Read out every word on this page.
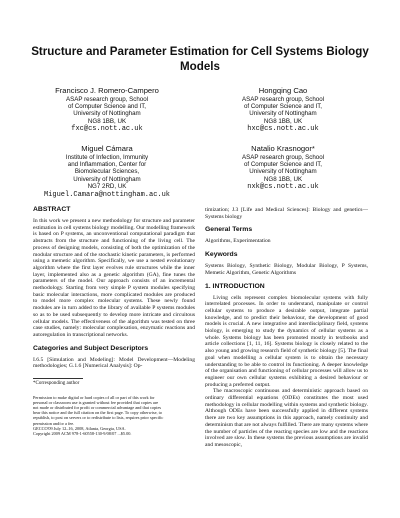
Structure and Parameter Estimation for Cell Systems Biology Models
Francisco J. Romero-Campero
ASAP research group, School
of Computer Science and IT,
University of Nottingham
NG8 1BB, UK
fxc@cs.nott.ac.uk
Hongqing Cao
ASAP research group, School
of Computer Science and IT,
University of Nottingham
NG8 1BB, UK
hxc@cs.nott.ac.uk
Miguel Cámara
Institute of Infection, Immunity
and Inflammation, Center for
Biomolecular Sciences,
University of Nottingham
NG7 2RD, UK
Miguel.Camara@nottingham.ac.uk
Natalio Krasnogor*
ASAP research group, School
of Computer Science and IT,
University of Nottingham
NG8 1BB, UK
nxk@cs.nott.ac.uk
ABSTRACT

In this work we present a new methodology for structure and parameter estimation in cell systems biology modelling. Our modelling framework is based on P systems, an unconventional computational paradigm that abstracts from the structure and functioning of the living cell. The process of designing models, consisting of both the optimization of the modular structure and of the stochastic kinetic parameters, is performed using a memetic algorithm. Specifically, we use a nested evolutionary algorithm where the first layer evolves rule structures while the inner layer, implemented also as a genetic algorithm (GA), fine tunes the parameters of the model. Our approach consists of an incremental methodology. Starting from very simple P system modules specifying basic molecular interactions, more complicated modules are produced to model more complex molecular systems. These newly found modules are in turn added to the library of available P systems modules so as to be used subsequently to develop more intricate and circuitous cellular models. The effectiveness of the algorithm was tested on three case studies, namely: molecular complexation, enzymatic reactions and autoregulation in transcriptional networks.

Categories and Subject Descriptors

I.6.5 [Simulation and Modeling]: Model Development—Modeling methodologies; G.1.6 [Numerical Analysis]: Op-

*Corresponding author

Permission to make digital or hard copies of all or part of this work for
personal or classroom use is granted without fee provided that copies are
not made or distributed for profit or commercial advantage and that copies
bear this notice and the full citation on the first page. To copy otherwise, to
republish, to post on servers or to redistribute to lists, requires prior specific
permission and/or a fee.
GECCO'09 July 12–16, 2008, Atlanta, Georgia, USA.
Copyright 2009 ACM 978-1-60558-130-9/08/07 ...$5.00.

timization; J.3 [Life and Medical Sciences]: Biology and genetics—Systems biology

General Terms

Algorithms, Experimentation

Keywords

Systems Biology, Synthetic Biology, Modular Biology, P Systems, Memetic Algorithm, Genetic Algorithms

1. INTRODUCTION

Living cells represent complex biomolecular systems with fully interrelated processes. In order to understand, manipulate or control cellular systems to produce a desirable output, integrate partial knowledge, and to predict their behaviour, the development of good models is crucial. A new integrative and interdisciplinary field, systems biology, is emerging to study the dynamics of cellular systems as a whole. Systems biology has been promoted mostly in textbooks and article collections [1, 11, 16]. Systems biology is closely related to the also young and growing research field of synthetic biology [5]. The final goal when modelling a cellular system is to obtain the necessary understanding to be able to control its functioning. A deeper knowledge of the organisation and functioning of cellular processes will allow us to engineer our own cellular systems exhibiting a desired behaviour or producing a preferred output.

The macroscopic continuous and deterministic approach based on ordinary differential equations (ODEs) constitutes the most used methodology in cellular modelling within systems and synthetic biology. Although ODEs have been successfully applied in different systems there are two key assumptions in this approach, namely continuity and determinism that are not always fulfilled. There are many systems where the number of particles of the reacting species are low and the reactions involved are slow. In these systems the previous assumptions are invalid and mesoscopic,
